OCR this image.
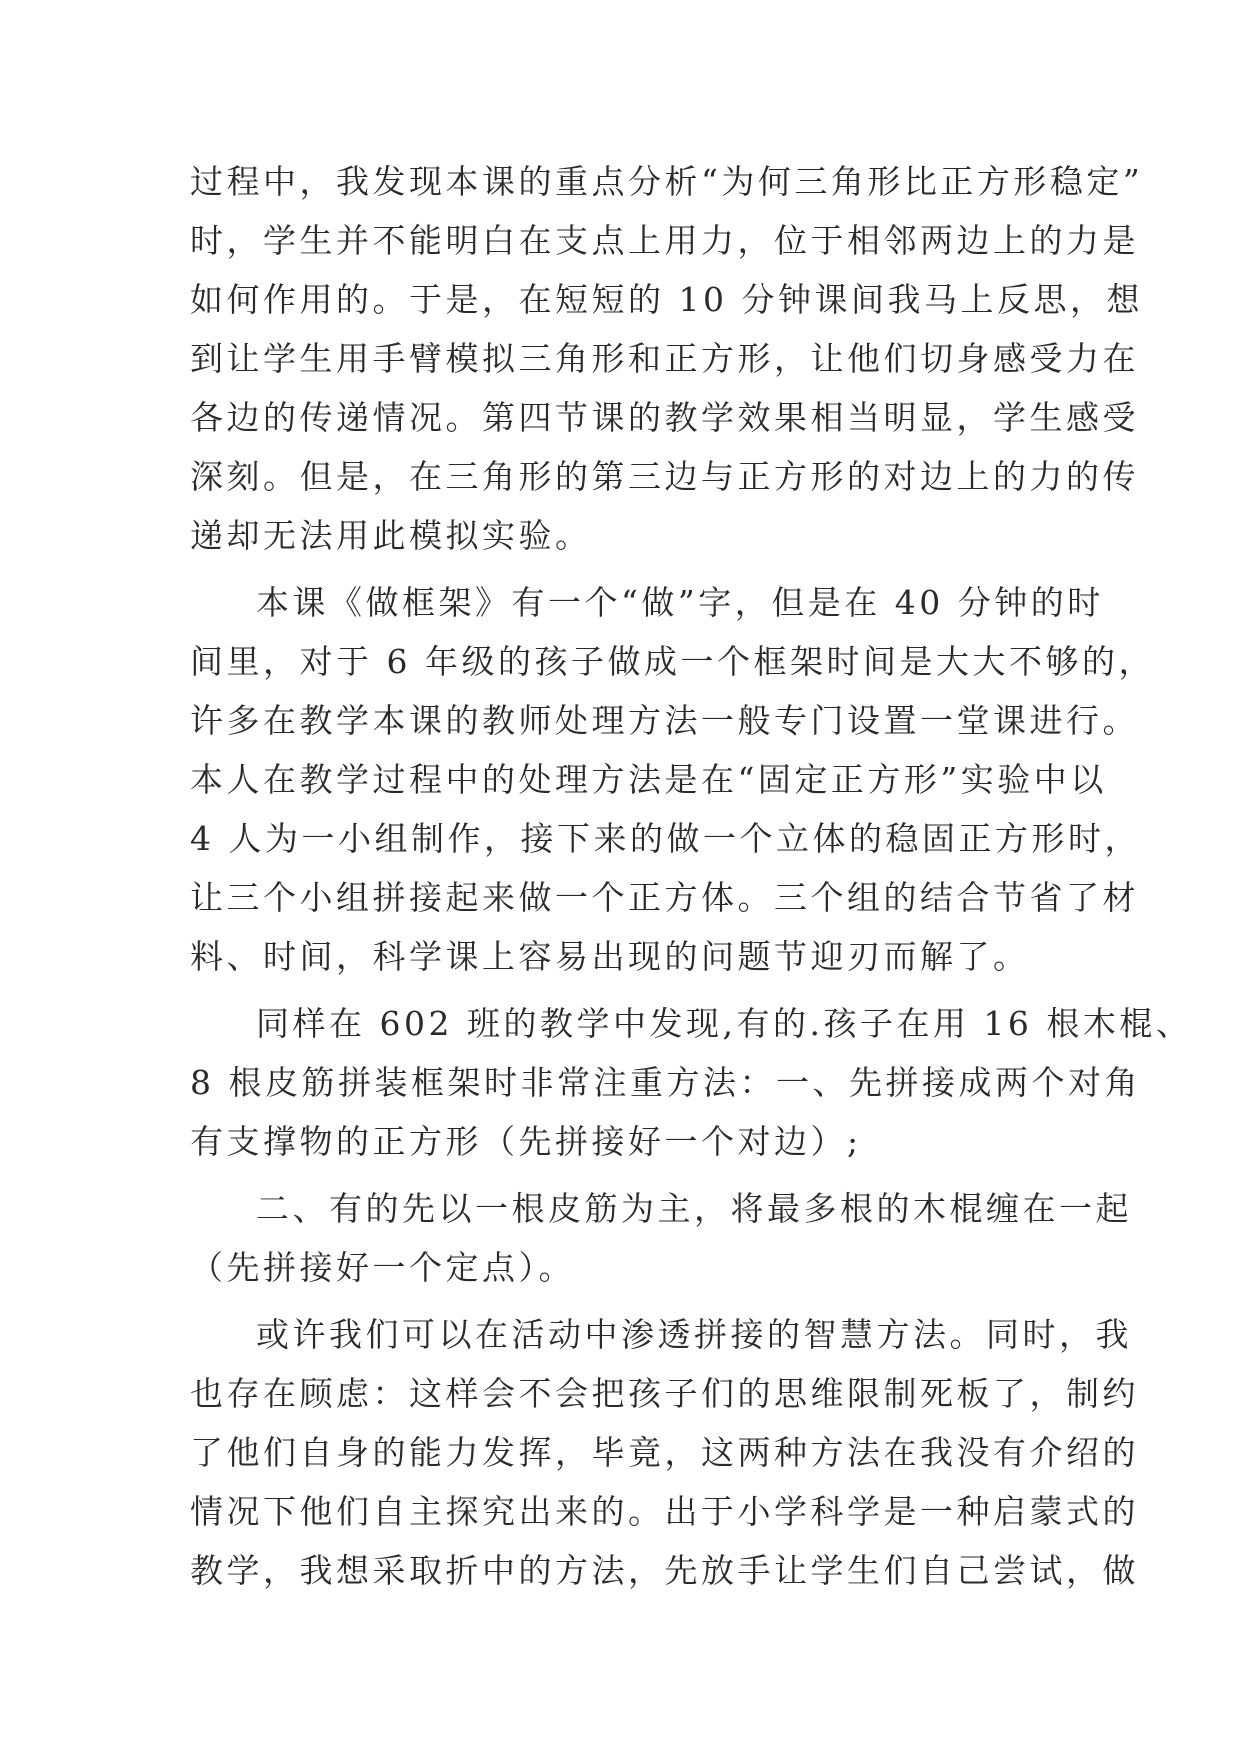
过程中，我发现本课的重点分析“为何三角形比正方形稳定”
时，学生并不能明白在支点上用力，位于相邻两边上的力是
如何作用的。于是，在短短的 10 分钟课间我马上反思，想
到让学生用手臂模拟三角形和正方形，让他们切身感受力在
各边的传递情况。第四节课的教学效果相当明显，学生感受
深刻。但是，在三角形的第三边与正方形的对边上的力的传
递却无法用此模拟实验。
本课《做框架》有一个“做”字，但是在 40 分钟的时
间里，对于 6 年级的孩子做成一个框架时间是大大不够的，
许多在教学本课的教师处理方法一般专门设置一堂课进行。
本人在教学过程中的处理方法是在“固定正方形”实验中以
4 人为一小组制作，接下来的做一个立体的稳固正方形时，
让三个小组拼接起来做一个正方体。三个组的结合节省了材
料、时间，科学课上容易出现的问题节迎刃而解了。
同样在 602 班的教学中发现,有的.孩子在用 16 根木棍、
8 根皮筋拼装框架时非常注重方法：一、先拼接成两个对角
有支撑物的正方形（先拼接好一个对边）;
二、有的先以一根皮筋为主，将最多根的木棍缠在一起
（先拼接好一个定点）。
或许我们可以在活动中渗透拼接的智慧方法。同时，我
也存在顾虑：这样会不会把孩子们的思维限制死板了，制约
了他们自身的能力发挥，毕竟，这两种方法在我没有介绍的
情况下他们自主探究出来的。出于小学科学是一种启蒙式的
教学，我想采取折中的方法，先放手让学生们自己尝试，做
